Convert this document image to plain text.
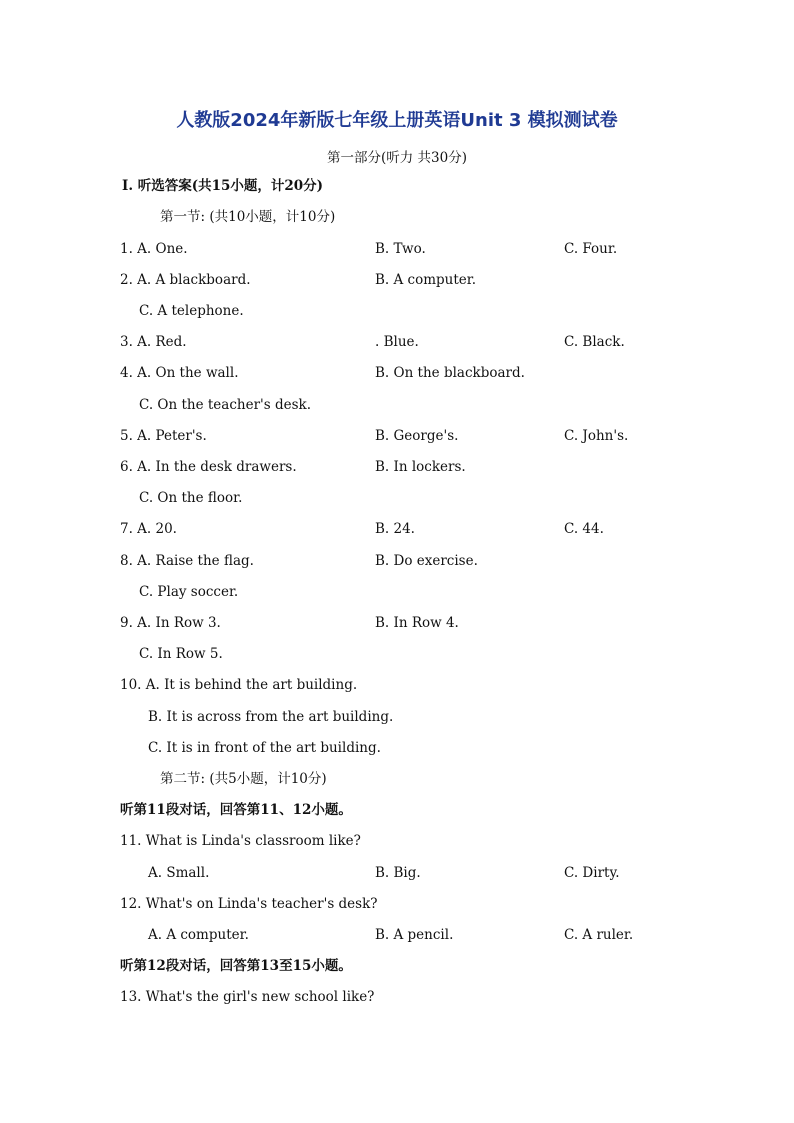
人教版2024年新版七年级上册英语Unit 3 模拟测试卷
第一部分(听力 共30分)
Ⅰ. 听选答案(共15小题，计20分)
第一节: (共10小题，计10分)
1. A. One.	B. Two.	C. Four.
2. A. A blackboard.	B. A computer.
C. A telephone.
3. A. Red.	. Blue.	C. Black.
4. A. On the wall.	B. On the blackboard.
C. On the teacher's desk.
5. A. Peter's.	B. George's.	C. John's.
6. A. In the desk drawers.	B. In lockers.
C. On the floor.
7. A. 20.	B. 24.	C. 44.
8. A. Raise the flag.	B. Do exercise.
C. Play soccer.
9. A. In Row 3.	B. In Row 4.
C. In Row 5.
10. A. It is behind the art building.
B. It is across from the art building.
C. It is in front of the art building.
第二节: (共5小题，计10分)
听第11段对话，回答第11、12小题。
11. What is Linda's classroom like?
A. Small.	B. Big.	C. Dirty.
12. What's on Linda's teacher's desk?
A. A computer.	B. A pencil.	C. A ruler.
听第12段对话，回答第13至15小题。
13. What's the girl's new school like?
